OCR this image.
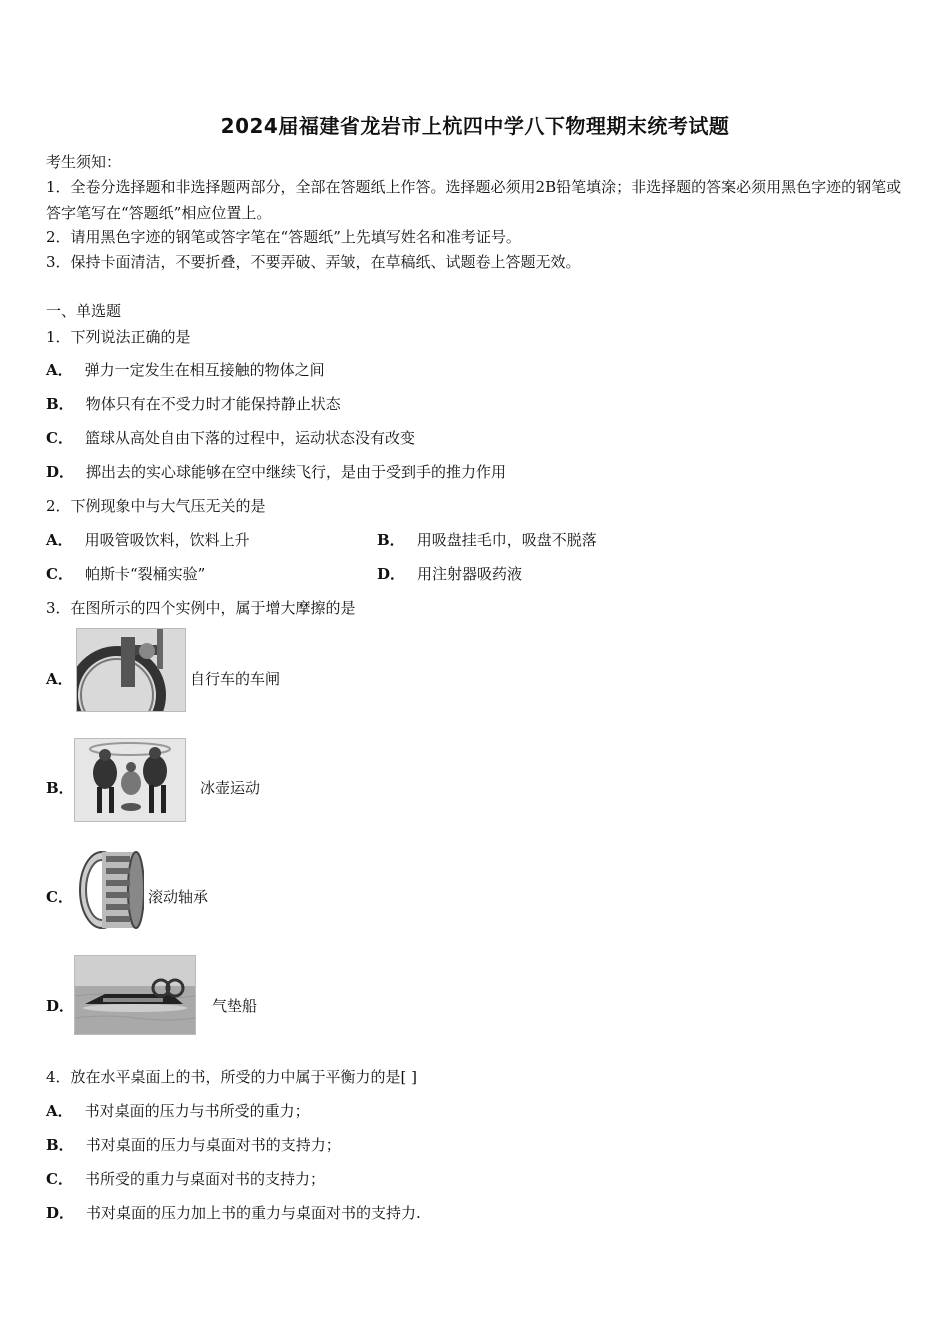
2024届福建省龙岩市上杭四中学八下物理期末统考试题
考生须知：
1．全卷分选择题和非选择题两部分，全部在答题纸上作答。选择题必须用2B铅笔填涂；非选择题的答案必须用黑色字迹的钢笔或答字笔写在“答题纸”相应位置上。
2．请用黑色字迹的钢笔或答字笔在“答题纸”上先填写姓名和准考证号。
3．保持卡面清洁，不要折叠，不要弄破、弄皱，在草稿纸、试题卷上答题无效。
一、单选题
1．下列说法正确的是
A． 弹力一定发生在相互接触的物体之间
B． 物体只有在不受力时才能保持静止状态
C． 篮球从高处自由下落的过程中，运动状态没有改变
D． 掷出去的实心球能够在空中继续飞行，是由于受到手的推力作用
2．下例现象中与大气压无关的是
A． 用吸管吸饮料，饮料上升	B． 用吸盘挂毛巾，吸盘不脱落
C． 帕斯卡“裂桶实验”	D． 用注射器吸药液
3．在图所示的四个实例中，属于增大摩擦的是
A．	自行车的车闸
B．	冰壶运动
C．	滚动轴承
D．	气垫船
4．放在水平桌面上的书，所受的力中属于平衡力的是[ ]
A． 书对桌面的压力与书所受的重力；
B． 书对桌面的压力与桌面对书的支持力；
C． 书所受的重力与桌面对书的支持力；
D． 书对桌面的压力加上书的重力与桌面对书的支持力.
